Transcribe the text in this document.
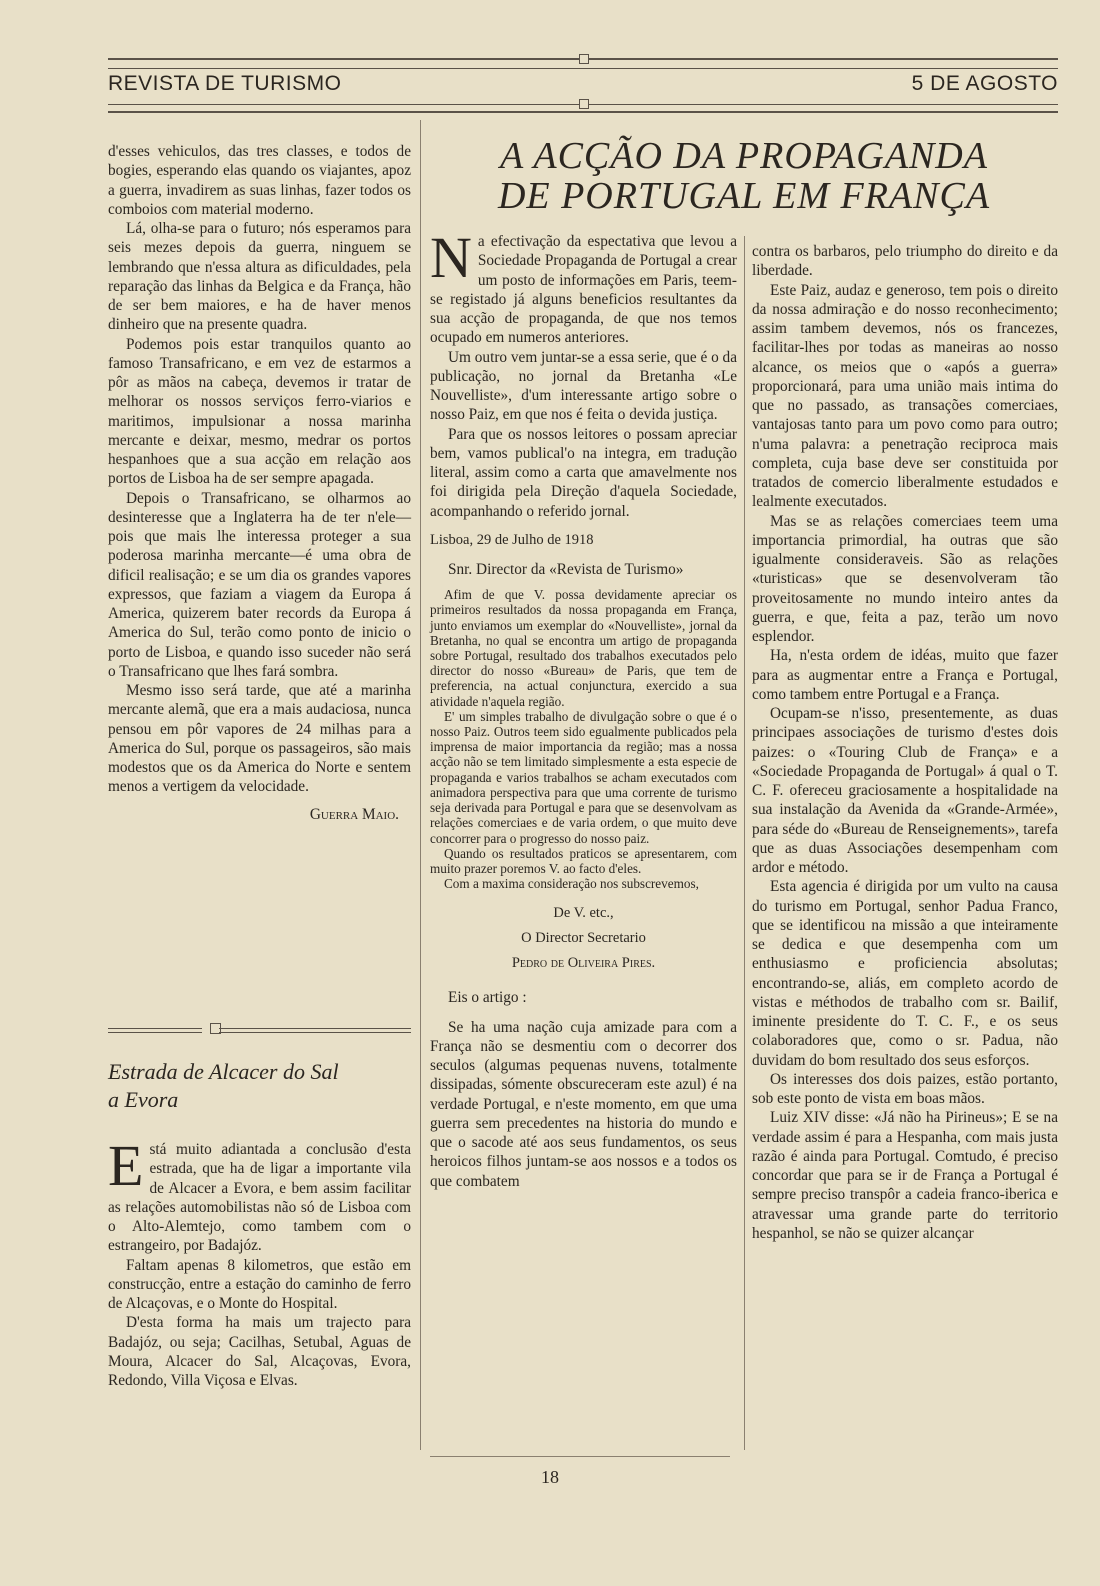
REVISTA DE TURISMO	5 DE AGOSTO

d'esses vehiculos, das tres classes, e todos de bogies, esperando elas quando os viajantes, apoz a guerra, invadirem as suas linhas, fazer todos os comboios com material moderno.

Lá, olha-se para o futuro; nós esperamos para seis mezes depois da guerra, ninguem se lembrando que n'essa altura as dificuldades, pela reparação das linhas da Belgica e da França, hão de ser bem maiores, e ha de haver menos dinheiro que na presente quadra.

Podemos pois estar tranquilos quanto ao famoso Transafricano, e em vez de estarmos a pôr as mãos na cabeça, devemos ir tratar de melhorar os nossos serviços ferro-viarios e maritimos, impulsionar a nossa marinha mercante e deixar, mesmo, medrar os portos hespanhoes que a sua acção em relação aos portos de Lisboa ha de ser sempre apagada.

Depois o Transafricano, se olharmos ao desinteresse que a Inglaterra ha de ter n'ele—pois que mais lhe interessa proteger a sua poderosa marinha mercante—é uma obra de dificil realisação; e se um dia os grandes vapores expressos, que faziam a viagem da Europa á America, quizerem bater records da Europa á America do Sul, terão como ponto de inicio o porto de Lisboa, e quando isso suceder não será o Transafricano que lhes fará sombra.

Mesmo isso será tarde, que até a marinha mercante alemã, que era a mais audaciosa, nunca pensou em pôr vapores de 24 milhas para a America do Sul, porque os passageiros, são mais modestos que os da America do Norte e sentem menos a vertigem da velocidade.

Guerra Maio.
Estrada de Alcacer do Sal
a Evora

Está muito adiantada a conclusão d'esta estrada, que ha de ligar a importante vila de Alcacer a Evora, e bem assim facilitar as relações automobilistas não só de Lisboa com o Alto-Alemtejo, como tambem com o estrangeiro, por Badajóz.

Faltam apenas 8 kilometros, que estão em construcção, entre a estação do caminho de ferro de Alcaçovas, e o Monte do Hospital.

D'esta forma ha mais um trajecto para Badajóz, ou seja; Cacilhas, Setubal, Aguas de Moura, Alcacer do Sal, Alcaçovas, Evora, Redondo, Villa Viçosa e Elvas.

A ACÇÃO DA PROPAGANDA
DE PORTUGAL EM FRANÇA

Na efectivação da espectativa que levou a Sociedade Propaganda de Portugal a crear um posto de informações em Paris, teem-se registado já alguns beneficios resultantes da sua acção de propaganda, de que nos temos ocupado em numeros anteriores.

Um outro vem juntar-se a essa serie, que é o da publicação, no jornal da Bretanha «Le Nouvelliste», d'um interessante artigo sobre o nosso Paiz, em que nos é feita o devida justiça.

Para que os nossos leitores o possam apreciar bem, vamos publical'o na integra, em tradução literal, assim como a carta que amavelmente nos foi dirigida pela Direção d'aquela Sociedade, acompanhando o referido jornal.

Lisboa, 29 de Julho de 1918

Snr. Director da «Revista de Turismo»

Afim de que V. possa devidamente apreciar os primeiros resultados da nossa propaganda em França, junto enviamos um exemplar do «Nouvelliste», jornal da Bretanha, no qual se encontra um artigo de propaganda sobre Portugal, resultado dos trabalhos executados pelo director do nosso «Bureau» de Paris, que tem de preferencia, na actual conjunctura, exercido a sua atividade n'aquela região.

E' um simples trabalho de divulgação sobre o que é o nosso Paiz. Outros teem sido egualmente publicados pela imprensa de maior importancia da região; mas a nossa acção não se tem limitado simplesmente a esta especie de propaganda e varios trabalhos se acham executados com animadora perspectiva para que uma corrente de turismo seja derivada para Portugal e para que se desenvolvam as relações comerciaes e de varia ordem, o que muito deve concorrer para o progresso do nosso paiz.

Quando os resultados praticos se apresentarem, com muito prazer poremos V. ao facto d'eles.

Com a maxima consideração nos subscrevemos,

De V. etc.,

O Director Secretario

Pedro de Oliveira Pires.

Eis o artigo :

Se ha uma nação cuja amizade para com a França não se desmentiu com o decorrer dos seculos (algumas pequenas nuvens, totalmente dissipadas, sómente obscureceram este azul) é na verdade Portugal, e n'este momento, em que uma guerra sem precedentes na historia do mundo e que o sacode até aos seus fundamentos, os seus heroicos filhos juntam-se aos nossos e a todos os que combatem

contra os barbaros, pelo triumpho do direito e da liberdade.

Este Paiz, audaz e generoso, tem pois o direito da nossa admiração e do nosso reconhecimento; assim tambem devemos, nós os francezes, facilitar-lhes por todas as maneiras ao nosso alcance, os meios que o «após a guerra» proporcionará, para uma união mais intima do que no passado, as transações comerciaes, vantajosas tanto para um povo como para outro; n'uma palavra: a penetração reciproca mais completa, cuja base deve ser constituida por tratados de comercio liberalmente estudados e lealmente executados.

Mas se as relações comerciaes teem uma importancia primordial, ha outras que são igualmente consideraveis. São as relações «turisticas» que se desenvolveram tão proveitosamente no mundo inteiro antes da guerra, e que, feita a paz, terão um novo esplendor.

Ha, n'esta ordem de idéas, muito que fazer para as augmentar entre a França e Portugal, como tambem entre Portugal e a França.

Ocupam-se n'isso, presentemente, as duas principaes associações de turismo d'estes dois paizes: o «Touring Club de França» e a «Sociedade Propaganda de Portugal» á qual o T. C. F. ofereceu graciosamente a hospitalidade na sua instalação da Avenida da «Grande-Armée», para séde do «Bureau de Renseignements», tarefa que as duas Associações desempenham com ardor e método.

Esta agencia é dirigida por um vulto na causa do turismo em Portugal, senhor Padua Franco, que se identificou na missão a que inteiramente se dedica e que desempenha com um enthusiasmo e proficiencia absolutas; encontrando-se, aliás, em completo acordo de vistas e méthodos de trabalho com sr. Bailif, iminente presidente do T. C. F., e os seus colaboradores que, como o sr. Padua, não duvidam do bom resultado dos seus esforços.

Os interesses dos dois paizes, estão portanto, sob este ponto de vista em boas mãos.

Luiz XIV disse: «Já não ha Pirineus»; E se na verdade assim é para a Hespanha, com mais justa razão é ainda para Portugal. Comtudo, é preciso concordar que para se ir de França a Portugal é sempre preciso transpôr a cadeia franco-iberica e atravessar uma grande parte do territorio hespanhol, se não se quizer alcançar

18
